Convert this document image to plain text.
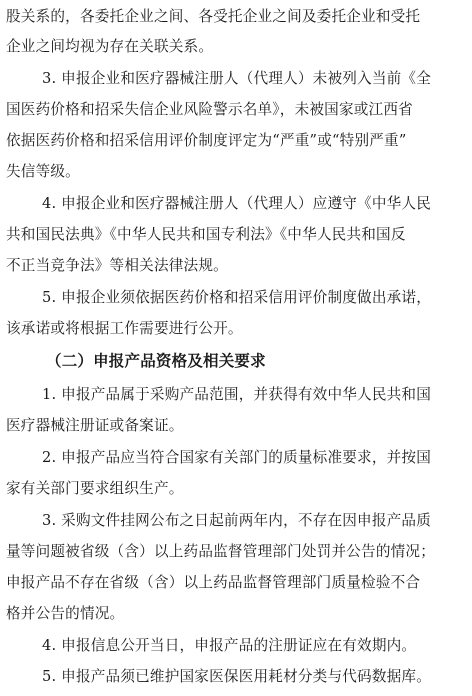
股关系的，各委托企业之间、各受托企业之间及委托企业和受托
企业之间均视为存在关联关系。
3. 申报企业和医疗器械注册人（代理人）未被列入当前《全
国医药价格和招采失信企业风险警示名单》，未被国家或江西省
依据医药价格和招采信用评价制度评定为“严重”或“特别严重”
失信等级。
4. 申报企业和医疗器械注册人（代理人）应遵守《中华人民
共和国民法典》《中华人民共和国专利法》《中华人民共和国反
不正当竞争法》等相关法律法规。
5. 申报企业须依据医药价格和招采信用评价制度做出承诺，
该承诺或将根据工作需要进行公开。
（二）申报产品资格及相关要求
1. 申报产品属于采购产品范围，并获得有效中华人民共和国
医疗器械注册证或备案证。
2. 申报产品应当符合国家有关部门的质量标准要求，并按国
家有关部门要求组织生产。
3. 采购文件挂网公布之日起前两年内，不存在因申报产品质
量等问题被省级（含）以上药品监督管理部门处罚并公告的情况；
申报产品不存在省级（含）以上药品监督管理部门质量检验不合
格并公告的情况。
4. 申报信息公开当日，申报产品的注册证应在有效期内。
5. 申报产品须已维护国家医保医用耗材分类与代码数据库。
